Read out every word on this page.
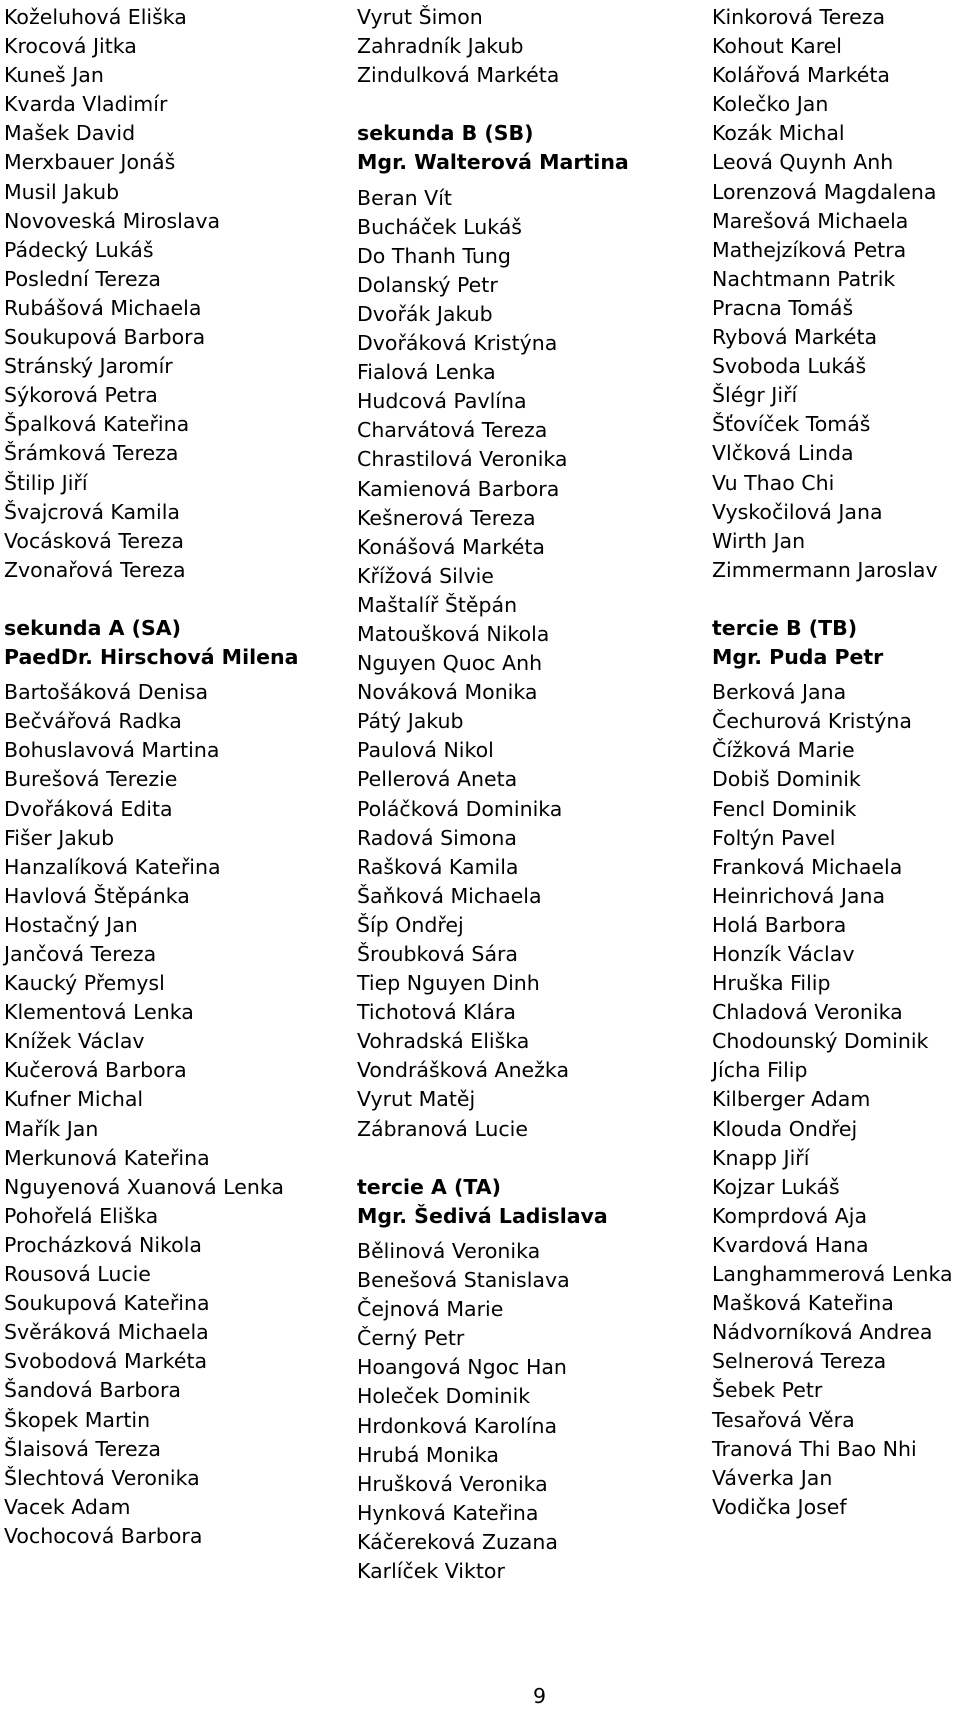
Koželuhová Eliška
Krocová Jitka
Kuneš Jan
Kvarda Vladimír
Mašek David
Merxbauer Jonáš
Musil Jakub
Novoveská Miroslava
Pádecký Lukáš
Poslední Tereza
Rubášová Michaela
Soukupová Barbora
Stránský Jaromír
Sýkorová Petra
Špalková Kateřina
Šrámková Tereza
Štilip Jiří
Švajcrová Kamila
Vocásková Tereza
Zvonařová Tereza
sekunda A (SA)
PaedDr. Hirschová Milena
Bartošáková Denisa
Bečvářová Radka
Bohuslavová Martina
Burešová Terezie
Dvořáková Edita
Fišer Jakub
Hanzalíková Kateřina
Havlová Štěpánka
Hostačný Jan
Jančová Tereza
Kaucký Přemysl
Klementová Lenka
Knížek Václav
Kučerová Barbora
Kufner Michal
Mařík Jan
Merkunová Kateřina
Nguyenová Xuanová Lenka
Pohořelá Eliška
Procházková Nikola
Rousová Lucie
Soukupová Kateřina
Svěráková Michaela
Svobodová Markéta
Šandová Barbora
Škopek Martin
Šlaisová Tereza
Šlechtová Veronika
Vacek Adam
Vochocová Barbora
Vyrut Šimon
Zahradník Jakub
Zindulková Markéta
sekunda B (SB)
Mgr. Walterová Martina
Beran Vít
Bucháček Lukáš
Do Thanh Tung
Dolanský Petr
Dvořák Jakub
Dvořáková Kristýna
Fialová Lenka
Hudcová Pavlína
Charvátová Tereza
Chrastilová Veronika
Kamienová Barbora
Kešnerová Tereza
Konášová Markéta
Křížová Silvie
Maštalíř Štěpán
Matoušková Nikola
Nguyen Quoc Anh
Nováková Monika
Pátý Jakub
Paulová Nikol
Pellerová Aneta
Poláčková Dominika
Radová Simona
Rašková Kamila
Šaňková Michaela
Šíp Ondřej
Šroubková Sára
Tiep Nguyen Dinh
Tichotová Klára
Vohradská Eliška
Vondrášková Anežka
Vyrut Matěj
Zábranová Lucie
tercie A (TA)
Mgr. Šedivá Ladislava
Bělinová Veronika
Benešová Stanislava
Čejnová Marie
Černý Petr
Hoangová Ngoc Han
Holeček Dominik
Hrdonková Karolína
Hrubá Monika
Hrušková Veronika
Hynková Kateřina
Káčereková Zuzana
Karlíček Viktor
Kinkorová Tereza
Kohout Karel
Kolářová Markéta
Kolečko Jan
Kozák Michal
Leová Quynh Anh
Lorenzová Magdalena
Marešová Michaela
Mathejzíková Petra
Nachtmann Patrik
Pracna Tomáš
Rybová Markéta
Svoboda Lukáš
Šlégr Jiří
Šťovíček Tomáš
Vlčková Linda
Vu Thao Chi
Vyskočilová Jana
Wirth Jan
Zimmermann Jaroslav
tercie B (TB)
Mgr. Puda Petr
Berková Jana
Čechurová Kristýna
Čížková Marie
Dobiš Dominik
Fencl Dominik
Foltýn Pavel
Franková Michaela
Heinrichová Jana
Holá Barbora
Honzík Václav
Hruška Filip
Chladová Veronika
Chodounský Dominik
Jícha Filip
Kilberger Adam
Klouda Ondřej
Knapp Jiří
Kojzar Lukáš
Komprdová Aja
Kvardová Hana
Langhammerová Lenka
Mašková Kateřina
Nádvorníková Andrea
Selnerová Tereza
Šebek Petr
Tesařová Věra
Tranová Thi Bao Nhi
Váverka Jan
Vodička Josef
9
